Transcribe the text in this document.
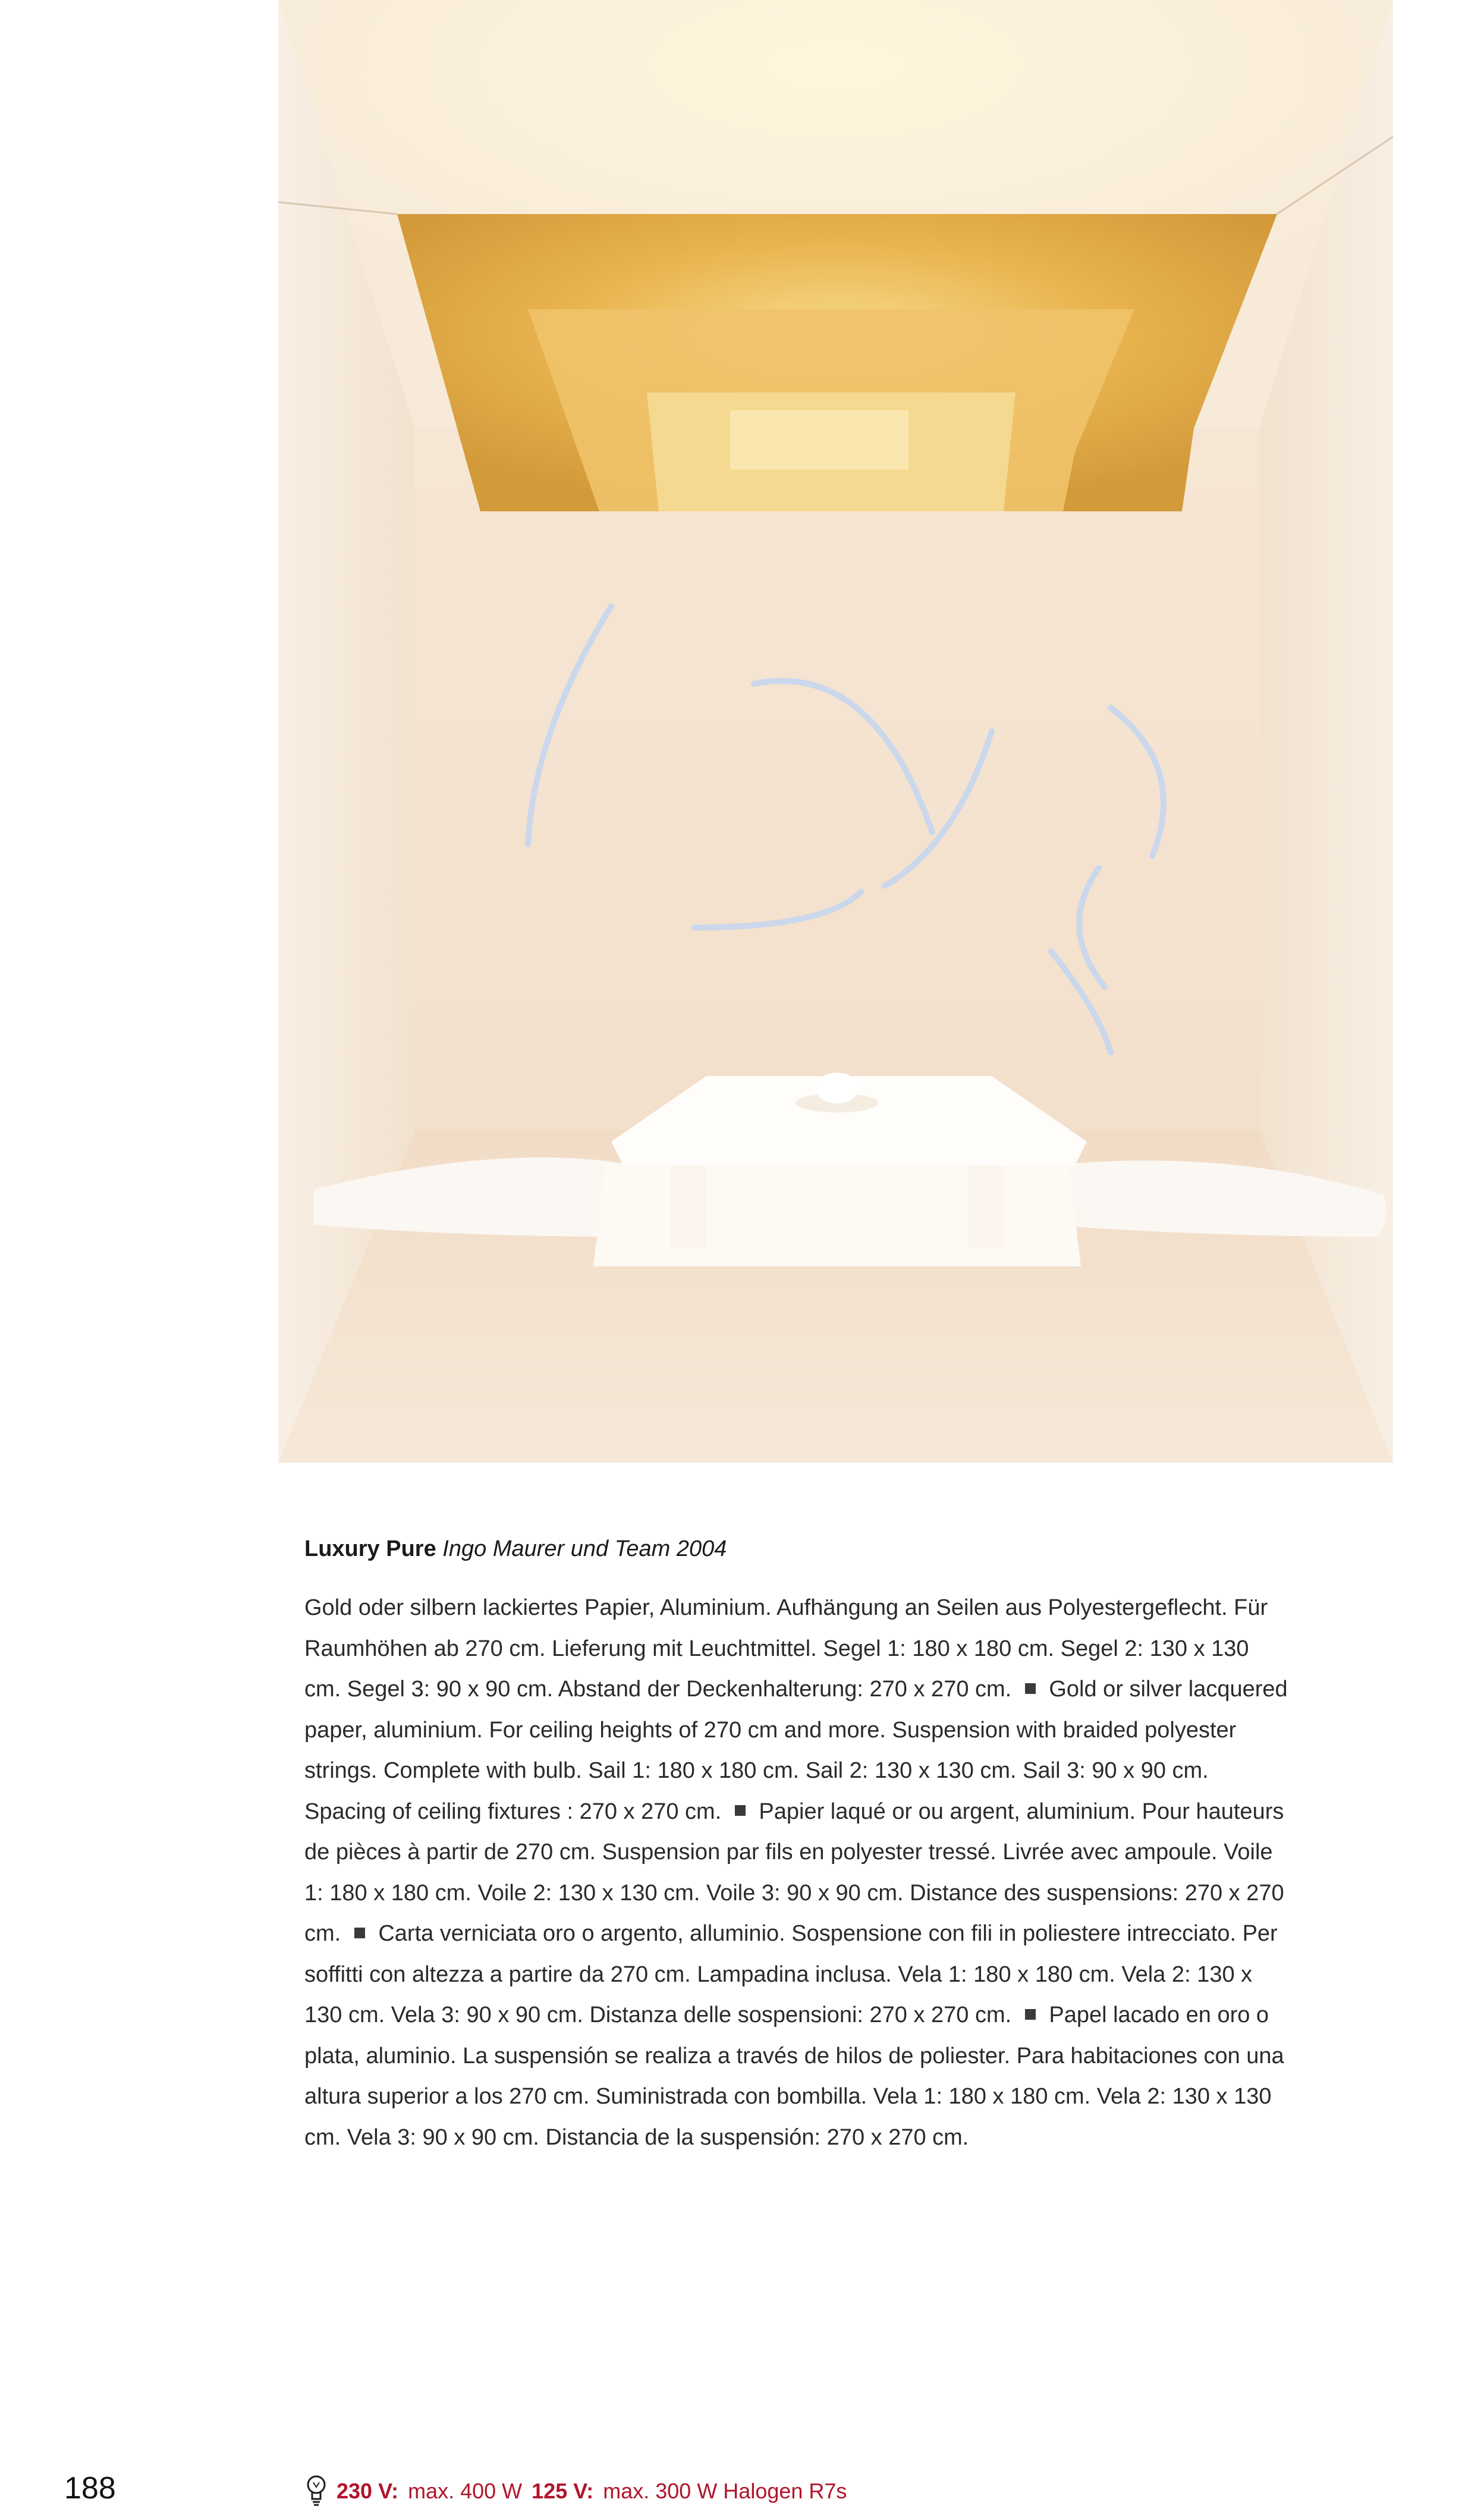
Luxury Pure Ingo Maurer und Team 2004
Gold oder silbern lackiertes Papier, Aluminium. Aufhängung an Seilen aus Polyestergeflecht. Für Raumhöhen ab 270 cm. Lieferung mit Leuchtmittel. Segel 1: 180 x 180 cm. Segel 2: 130 x 130 cm. Segel 3: 90 x 90 cm. Abstand der Deckenhalterung: 270 x 270 cm. Gold or silver lacquered paper, aluminium. For ceiling heights of 270 cm and more. Suspension with braided polyester strings. Complete with bulb. Sail 1: 180 x 180 cm. Sail 2: 130 x 130 cm. Sail 3: 90 x 90 cm. Spacing of ceiling fixtures : 270 x 270 cm. Papier laqué or ou argent, aluminium. Pour hauteurs de pièces à partir de 270 cm. Suspension par fils en polyester tressé. Livrée avec ampoule. Voile 1: 180 x 180 cm. Voile 2: 130 x 130 cm. Voile 3: 90 x 90 cm. Distance des suspensions: 270 x 270 cm. Carta verniciata oro o argento, alluminio. Sospensione con fili in poliestere intrecciato. Per soffitti con altezza a partire da 270 cm. Lampadina inclusa. Vela 1: 180 x 180 cm. Vela 2: 130 x 130 cm. Vela 3: 90 x 90 cm. Distanza delle sospensioni: 270 x 270 cm. Papel lacado en oro o plata, aluminio. La suspensión se realiza a través de hilos de poliester. Para habitaciones con una altura superior a los 270 cm. Suministrada con bombilla. Vela 1: 180 x 180 cm. Vela 2: 130 x 130 cm. Vela 3: 90 x 90 cm. Distancia de la suspensión: 270 x 270 cm.
188	230 V: max. 400 W 125 V: max. 300 W Halogen R7s
